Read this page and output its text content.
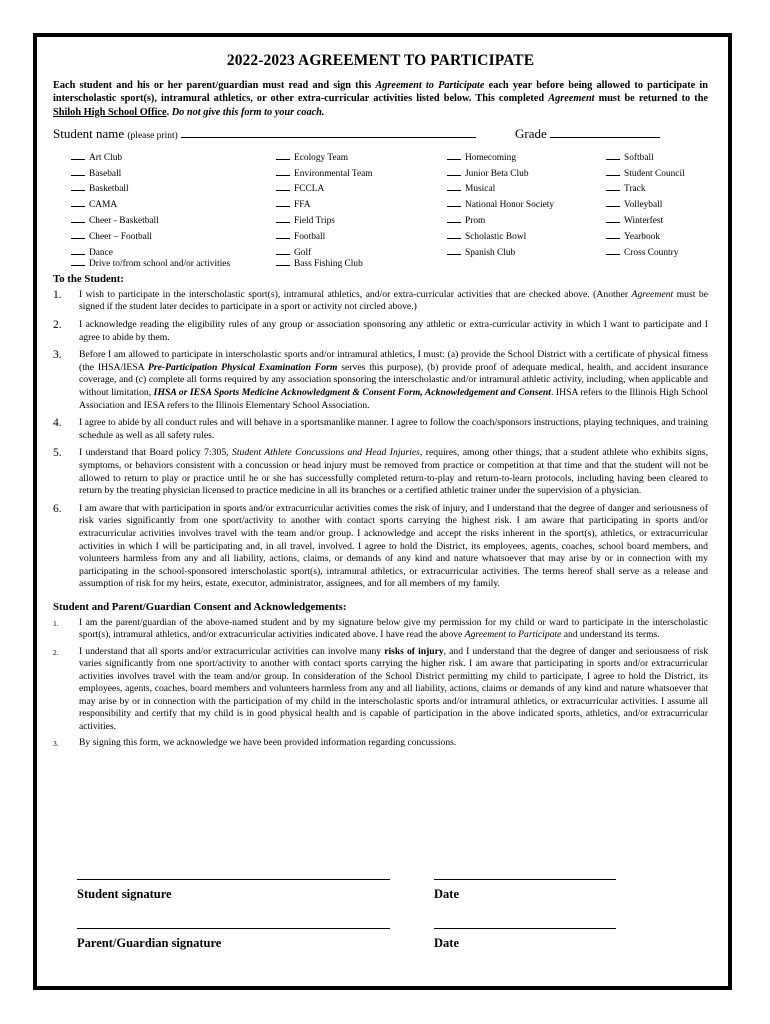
2022-2023 AGREEMENT TO PARTICIPATE

Each student and his or her parent/guardian must read and sign this Agreement to Participate each year before being allowed to participate in interscholastic sport(s), intramural athletics, or other extra-curricular activities listed below. This completed Agreement must be returned to the Shiloh High School Office. Do not give this form to your coach.

Student name (please print)	Grade
Art Club
Baseball
Basketball
CAMA
Cheer - Basketball
Cheer – Football
Dance
Drive to/from school and/or activities
Ecology Team
Environmental Team
FCCLA
FFA
Field Trips
Football
Golf
Bass Fishing Club
Homecoming
Junior Beta Club
Musical
National Honor Society
Prom
Scholastic Bowl
Spanish Club
Softball
Student Council
Track
Volleyball
Winterfest
Yearbook
Cross Country
To the Student:
1. I wish to participate in the interscholastic sport(s), intramural athletics, and/or extra-curricular activities that are checked above. (Another Agreement must be signed if the student later decides to participate in a sport or activity not circled above.)
2. I acknowledge reading the eligibility rules of any group or association sponsoring any athletic or extra-curricular activity in which I want to participate and I agree to abide by them.
3. Before I am allowed to participate in interscholastic sports and/or intramural athletics, I must: (a) provide the School District with a certificate of physical fitness (the IHSA/IESA Pre-Participation Physical Examination Form serves this purpose), (b) provide proof of adequate medical, health, and accident insurance coverage, and (c) complete all forms required by any association sponsoring the interscholastic and/or intramural athletic activity, including, when applicable and without limitation, IHSA or IESA Sports Medicine Acknowledgment & Consent Form, Acknowledgement and Consent. IHSA refers to the Illinois High School Association and IESA refers to the Illinois Elementary School Association.
4. I agree to abide by all conduct rules and will behave in a sportsmanlike manner. I agree to follow the coach/sponsors instructions, playing techniques, and training schedule as well as all safety rules.
5. I understand that Board policy 7:305, Student Athlete Concussions and Head Injuries, requires, among other things, that a student athlete who exhibits signs, symptoms, or behaviors consistent with a concussion or head injury must be removed from practice or competition at that time and that the student will not be allowed to return to play or practice until he or she has successfully completed return-to-play and return-to-learn protocols, including having been cleared to return by the treating physician licensed to practice medicine in all its branches or a certified athletic trainer under the supervision of a physician.
6. I am aware that with participation in sports and/or extracurricular activities comes the risk of injury, and I understand that the degree of danger and seriousness of risk varies significantly from one sport/activity to another with contact sports carrying the highest risk. I am aware that participating in sports and/or extracurricular activities involves travel with the team and/or group. I acknowledge and accept the risks inherent in the sport(s), athletics, or extracurricular activities in which I will be participating and, in all travel, involved. I agree to hold the District, its employees, agents, coaches, school board members, and volunteers harmless from any and all liability, actions, claims, or demands of any kind and nature whatsoever that may arise by or in connection with my participating in the school-sponsored interscholastic sport(s), intramural athletics, or extracurricular activities. The terms hereof shall serve as a release and assumption of risk for my heirs, estate, executor, administrator, assignees, and for all members of my family.
Student and Parent/Guardian Consent and Acknowledgements:
1. I am the parent/guardian of the above-named student and by my signature below give my permission for my child or ward to participate in the interscholastic sport(s), intramural athletics, and/or extracurricular activities indicated above. I have read the above Agreement to Participate and understand its terms.
2. I understand that all sports and/or extracurricular activities can involve many risks of injury, and I understand that the degree of danger and seriousness of risk varies significantly from one sport/activity to another with contact sports carrying the higher risk. I am aware that participating in sports and/or extracurricular activities involves travel with the team and/or group. In consideration of the School District permitting my child to participate, I agree to hold the District, its employees, agents, coaches, board members and volunteers harmless from any and all liability, actions, claims or demands of any kind and nature whatsoever that may arise by or in connection with the participation of my child in the interscholastic sports and/or intramural athletics, or extracurricular activities. I assume all responsibility and certify that my child is in good physical health and is capable of participation in the above indicated sports, athletics, and/or extracurricular activities.
3. By signing this form, we acknowledge we have been provided information regarding concussions.
Student signature	Date
Parent/Guardian signature	Date
